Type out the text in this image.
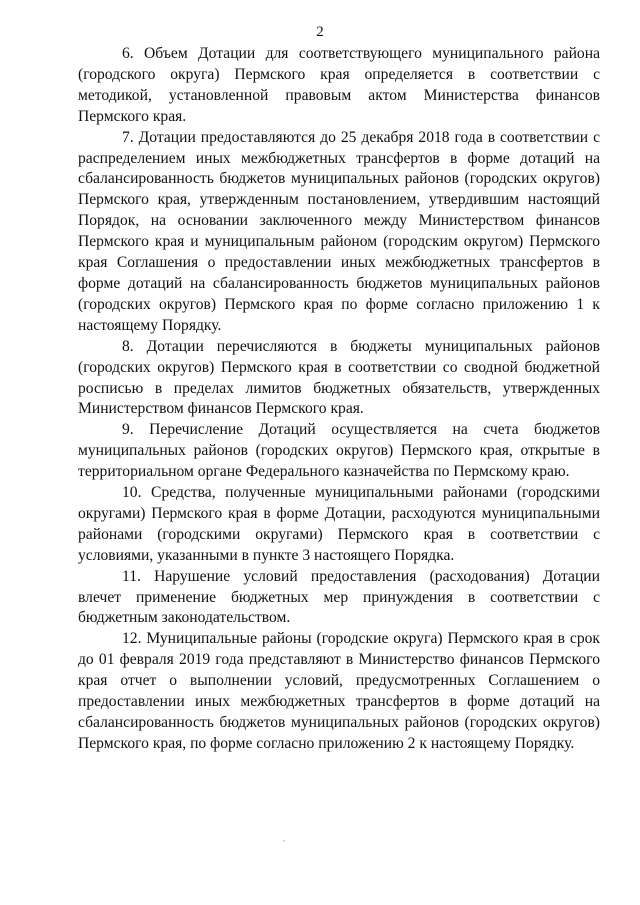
2

6. Объем Дотации для соответствующего муниципального района (городского округа) Пермского края определяется в соответствии с методикой, установленной правовым актом Министерства финансов Пермского края.

7. Дотации предоставляются до 25 декабря 2018 года в соответствии с распределением иных межбюджетных трансфертов в форме дотаций на сбалансированность бюджетов муниципальных районов (городских округов) Пермского края, утвержденным постановлением, утвердившим настоящий Порядок, на основании заключенного между Министерством финансов Пермского края и муниципальным районом (городским округом) Пермского края Соглашения о предоставлении иных межбюджетных трансфертов в форме дотаций на сбалансированность бюджетов муниципальных районов (городских округов) Пермского края по форме согласно приложению 1 к настоящему Порядку.

8. Дотации перечисляются в бюджеты муниципальных районов (городских округов) Пермского края в соответствии со сводной бюджетной росписью в пределах лимитов бюджетных обязательств, утвержденных Министерством финансов Пермского края.

9. Перечисление Дотаций осуществляется на счета бюджетов муниципальных районов (городских округов) Пермского края, открытые в территориальном органе Федерального казначейства по Пермскому краю.

10. Средства, полученные муниципальными районами (городскими округами) Пермского края в форме Дотации, расходуются муниципальными районами (городскими округами) Пермского края в соответствии с условиями, указанными в пункте 3 настоящего Порядка.

11. Нарушение условий предоставления (расходования) Дотации влечет применение бюджетных мер принуждения в соответствии с бюджетным законодательством.

12. Муниципальные районы (городские округа) Пермского края в срок до 01 февраля 2019 года представляют в Министерство финансов Пермского края отчет о выполнении условий, предусмотренных Соглашением о предоставлении иных межбюджетных трансфертов в форме дотаций на сбалансированность бюджетов муниципальных районов (городских округов) Пермского края, по форме согласно приложению 2 к настоящему Порядку.
